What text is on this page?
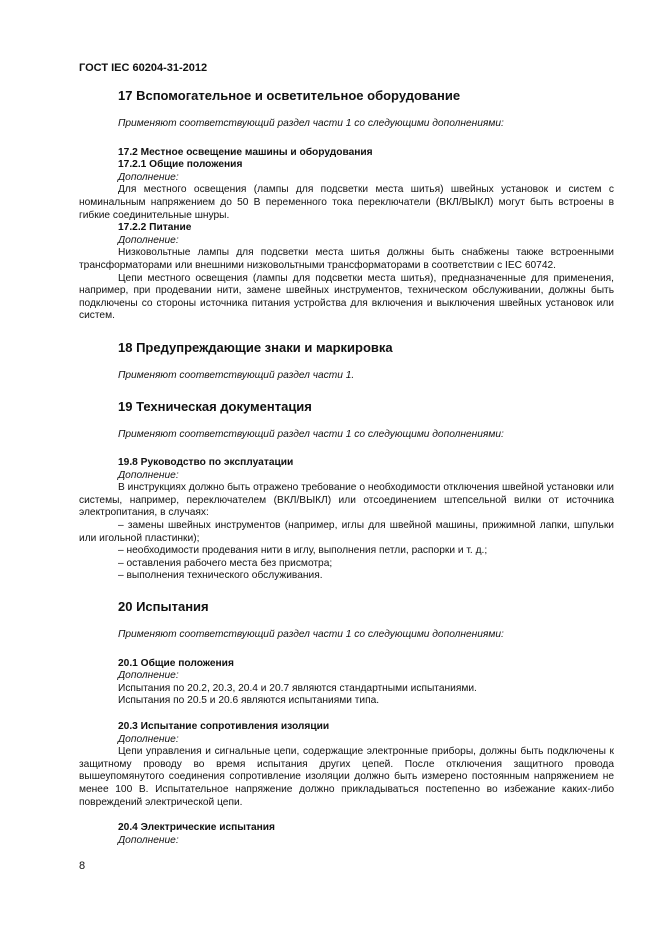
ГОСТ IEC 60204-31-2012
17 Вспомогательное и осветительное оборудование
Применяют соответствующий раздел части 1 со следующими дополнениями:
17.2 Местное освещение машины и оборудования
17.2.1 Общие положения
Дополнение:
Для местного освещения (лампы для подсветки места шитья) швейных установок и систем с номинальным напряжением до 50 В переменного тока переключатели (ВКЛ/ВЫКЛ) могут быть встроены в гибкие соединительные шнуры.
17.2.2 Питание
Дополнение:
Низковольтные лампы для подсветки места шитья должны быть снабжены также встроенными трансформаторами или внешними низковольтными трансформаторами в соответствии с IEC 60742.
Цепи местного освещения (лампы для подсветки места шитья), предназначенные для применения, например, при продевании нити, замене швейных инструментов, техническом обслуживании, должны быть подключены со стороны источника питания устройства для включения и выключения швейных установок или систем.
18 Предупреждающие знаки и маркировка
Применяют соответствующий раздел части 1.
19 Техническая документация
Применяют соответствующий раздел части 1 со следующими дополнениями:
19.8 Руководство по эксплуатации
Дополнение:
В инструкциях должно быть отражено требование о необходимости отключения швейной установки или системы, например, переключателем (ВКЛ/ВЫКЛ) или отсоединением штепсельной вилки от источника электропитания, в случаях:
– замены швейных инструментов (например, иглы для швейной машины, прижимной лапки, шпульки или игольной пластинки);
– необходимости продевания нити в иглу, выполнения петли, распорки и т. д.;
– оставления рабочего места без присмотра;
– выполнения технического обслуживания.
20 Испытания
Применяют соответствующий раздел части 1 со следующими дополнениями:
20.1 Общие положения
Дополнение:
Испытания по 20.2, 20.3, 20.4 и 20.7 являются стандартными испытаниями.
Испытания по 20.5 и 20.6 являются испытаниями типа.
20.3 Испытание сопротивления изоляции
Дополнение:
Цепи управления и сигнальные цепи, содержащие электронные приборы, должны быть подключены к защитному проводу во время испытания других цепей. После отключения защитного провода вышеупомянутого соединения сопротивление изоляции должно быть измерено постоянным напряжением не менее 100 В. Испытательное напряжение должно прикладываться постепенно во избежание каких-либо повреждений электрической цепи.
20.4 Электрические испытания
Дополнение:
8
